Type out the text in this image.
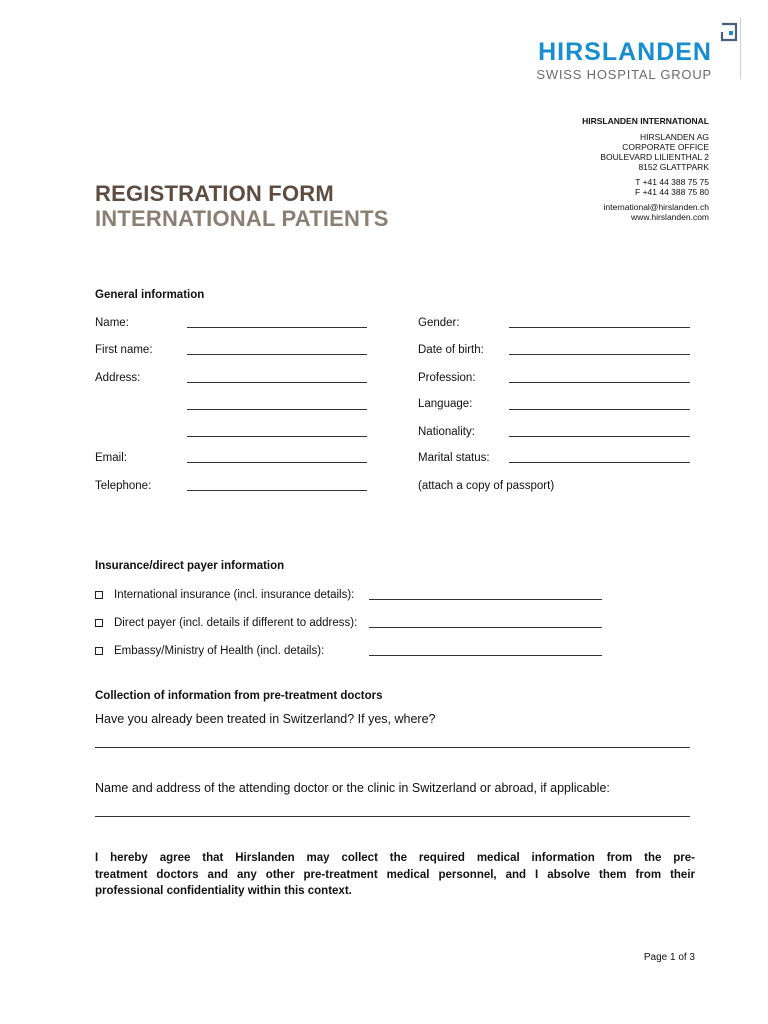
HIRSLANDEN
SWISS HOSPITAL GROUP
HIRSLANDEN INTERNATIONAL
HIRSLANDEN AG
CORPORATE OFFICE
BOULEVARD LILIENTHAL 2
8152 GLATTPARK
T +41 44 388 75 75
F +41 44 388 75 80
international@hirslanden.ch
www.hirslanden.com
REGISTRATION FORM
INTERNATIONAL PATIENTS
General information
Name:
First name:
Address:
Email:
Telephone:
Gender:
Date of birth:
Profession:
Language:
Nationality:
Marital status:
(attach a copy of passport)
Insurance/direct payer information
International insurance (incl. insurance details):
Direct payer (incl. details if different to address):
Embassy/Ministry of Health (incl. details):
Collection of information from pre-treatment doctors
Have you already been treated in Switzerland? If yes, where?
Name and address of the attending doctor or the clinic in Switzerland or abroad, if applicable:
I hereby agree that Hirslanden may collect the required medical information from the pre-
treatment doctors and any other pre-treatment medical personnel, and I absolve them from their
professional confidentiality within this context.
Page 1 of 3
